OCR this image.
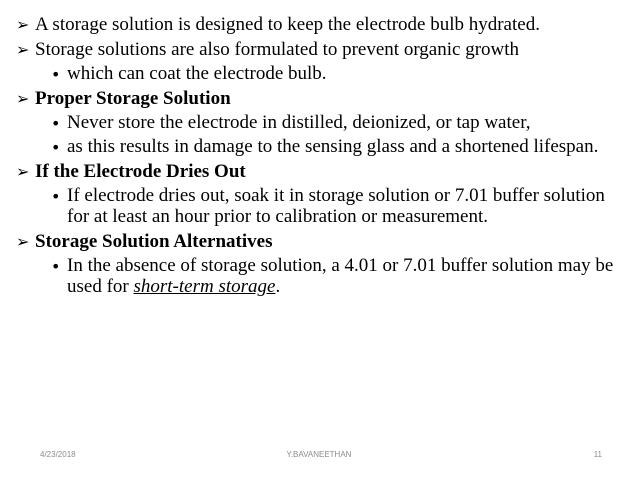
➢ A storage solution is designed to keep the electrode bulb hydrated.
➢ Storage solutions are also formulated to prevent organic growth
• which can coat the electrode bulb.
➢ Proper Storage Solution
• Never store the electrode in distilled, deionized, or tap water,
• as this results in damage to the sensing glass and a shortened lifespan.
➢ If the Electrode Dries Out
• If electrode dries out, soak it in storage solution or 7.01 buffer solution for at least an hour prior to calibration or measurement.
➢ Storage Solution Alternatives
• In the absence of storage solution, a 4.01 or 7.01 buffer solution may be used for short-term storage.
4/23/2018	Y.BAVANEETHAN	11
